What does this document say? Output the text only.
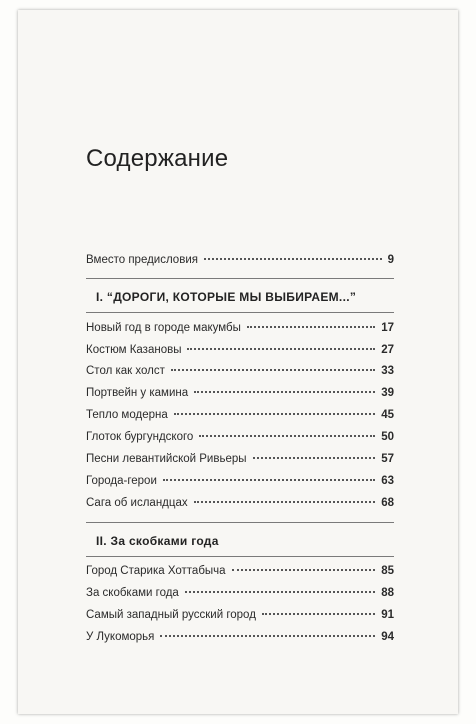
Содержание
Вместо предисловия	9
I. “ДОРОГИ, КОТОРЫЕ МЫ ВЫБИРАЕМ...”
Новый год в городе макумбы	17
Костюм Казановы	27
Стол как холст	33
Портвейн у камина	39
Тепло модерна	45
Глоток бургундского	50
Песни левантийской Ривьеры	57
Города-герои	63
Сага об исландцах	68
II. За скобками года
Город Старика Хоттабыча	85
За скобками года	88
Самый западный русский город	91
У Лукоморья	94
